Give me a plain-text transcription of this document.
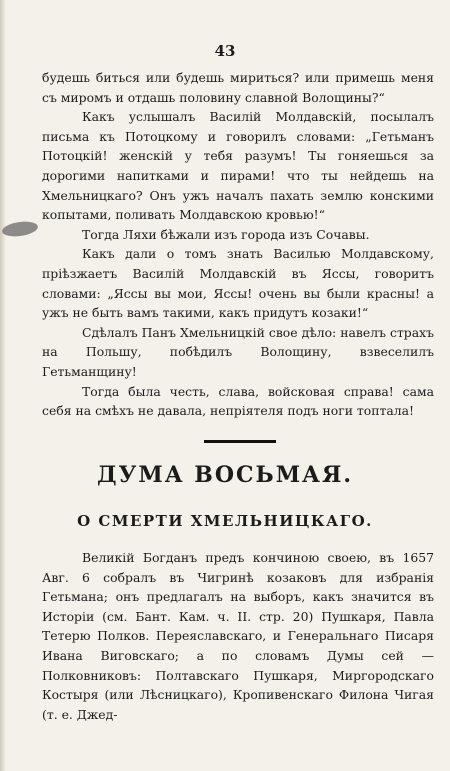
43

будешь биться или будешь мириться? или примешь меня съ миромъ и отдашь половину славной Волощины?“

Какъ услышалъ Василій Молдавскій, посылалъ письма къ Потоцкому и говорилъ словами: „Гетьманъ Потоцкій! женскій у тебя разумъ! Ты гоняешься за дорогими напитками и пирами! что ты нейдешь на Хмельницкаго? Онъ ужъ началъ пахать землю конскими копытами, поливать Молдавскою кровью!“

Тогда Ляхи бѣжали изъ города изъ Сочавы.

Какъ дали о томъ знать Василью Молдавскому, пріѣзжаетъ Василій Молдавскій въ Яссы, говоритъ словами: „Яссы вы мои, Яссы! очень вы были красны! а ужъ не быть вамъ такими, какъ придутъ козаки!“

Сдѣлалъ Панъ Хмельницкій свое дѣло: навелъ страхъ на Польшу, побѣдилъ Волощину, взвеселилъ Гетьманщину!

Тогда была честь, слава, войсковая справа! сама себя на смѣхъ не давала, непріятеля подъ ноги топтала!

ДУМА ВОСЬМАЯ.
О СМЕРТИ ХМЕЛЬНИЦКАГО.

Великій Богданъ предъ кончиною своею, въ 1657 Авг. 6 собралъ въ Чигринѣ козаковъ для избранія Гетьмана; онъ предлагалъ на выборъ, какъ значится въ Исторіи (см. Бант. Кам. ч. II. стр. 20) Пушкаря, Павла Тетерю Полков. Переяславскаго, и Генеральнаго Писаря Ивана Виговскаго; а по словамъ Думы сей — Полковниковъ: Полтавскаго Пушкаря, Миргородскаго Костыря (или Лѣсницкаго), Кропивенскаго Филона Чигая (т. е. Джед-
